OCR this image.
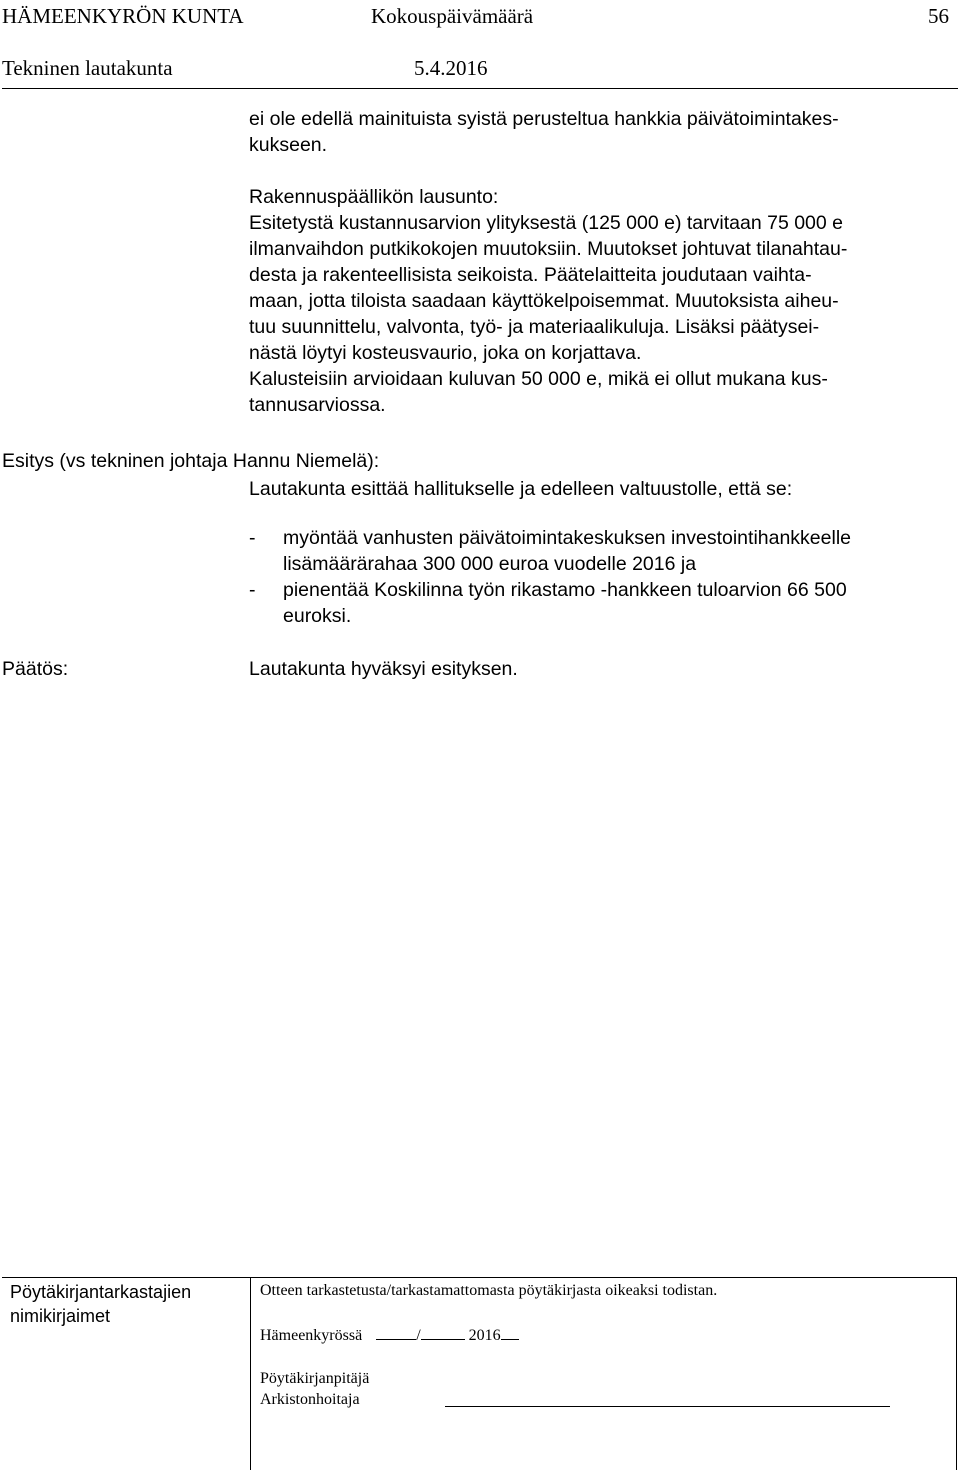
HÄMEENKYRÖN KUNTA	Kokouspäivämäärä	56
Tekninen lautakunta	5.4.2016

ei ole edellä mainituista syistä perusteltua hankkia päivätoimintakes-

kukseen.

Rakennuspäällikön lausunto:

Esitetystä kustannusarvion ylityksestä (125 000 e) tarvitaan 75 000 e

ilmanvaihdon putkikokojen muutoksiin. Muutokset johtuvat tilanahtau-

desta ja rakenteellisista seikoista. Päätelaitteita joudutaan vaihta-

maan, jotta tiloista saadaan käyttökelpoisemmat. Muutoksista aiheu-

tuu suunnittelu, valvonta, työ- ja materiaalikuluja. Lisäksi päätysei-

nästä löytyi kosteusvaurio, joka on korjattava.

Kalusteisiin arvioidaan kuluvan 50 000 e, mikä ei ollut mukana kus-

tannusarviossa.

Esitys (vs tekninen johtaja Hannu Niemelä):
Lautakunta esittää hallitukselle ja edelleen valtuustolle, että se:
- myöntää vanhusten päivätoimintakeskuksen investointihankkeelle
lisämäärärahaa 300 000 euroa vuodelle 2016 ja
- pienentää Koskilinna työn rikastamo -hankkeen tuloarvion 66 500
euroksi.
Päätös:	Lautakunta hyväksyi esityksen.
Pöytäkirjantarkastajien
nimikirjaimet
Otteen tarkastetusta/tarkastamattomasta pöytäkirjasta oikeaksi todistan.
Hämeenkyrössä	/	2016
Pöytäkirjanpitäjä
Arkistonhoitaja
